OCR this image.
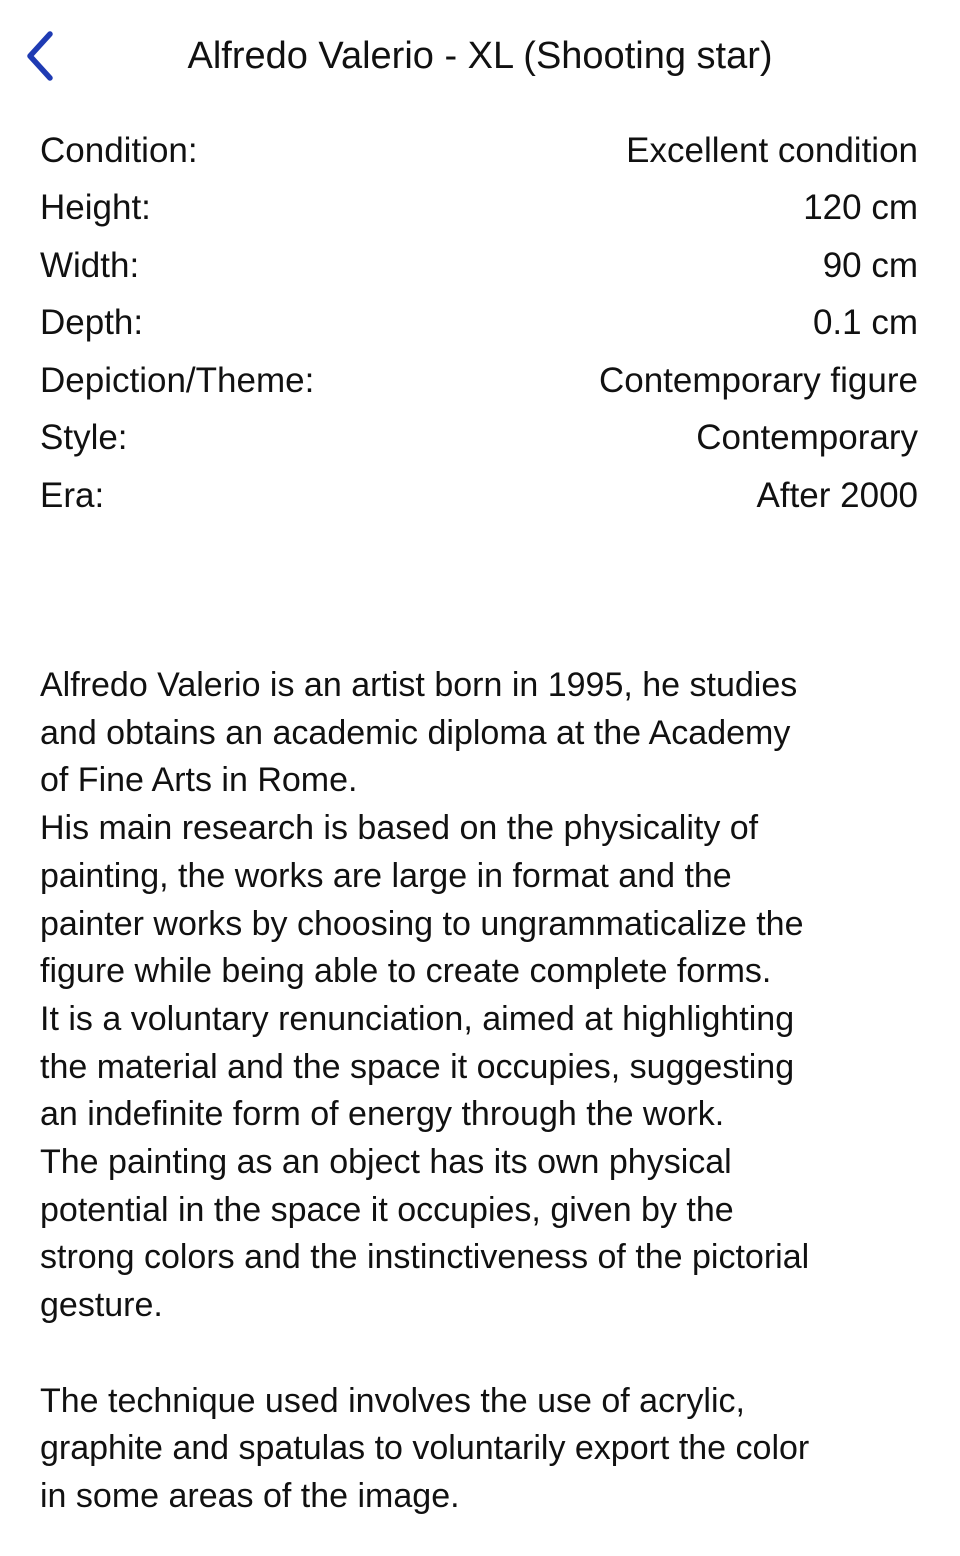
Alfredo Valerio - XL (Shooting star)
Condition:	Excellent condition
Height:	120 cm
Width:	90 cm
Depth:	0.1 cm
Depiction/Theme:	Contemporary figure
Style:	Contemporary
Era:	After 2000

Alfredo Valerio is an artist born in 1995, he studies

and obtains an academic diploma at the Academy

of Fine Arts in Rome.

His main research is based on the physicality of

painting, the works are large in format and the

painter works by choosing to ungrammaticalize the

figure while being able to create complete forms.

It is a voluntary renunciation, aimed at highlighting

the material and the space it occupies, suggesting

an indefinite form of energy through the work.

The painting as an object has its own physical

potential in the space it occupies, given by the

strong colors and the instinctiveness of the pictorial

gesture.

The technique used involves the use of acrylic,

graphite and spatulas to voluntarily export the color

in some areas of the image.
